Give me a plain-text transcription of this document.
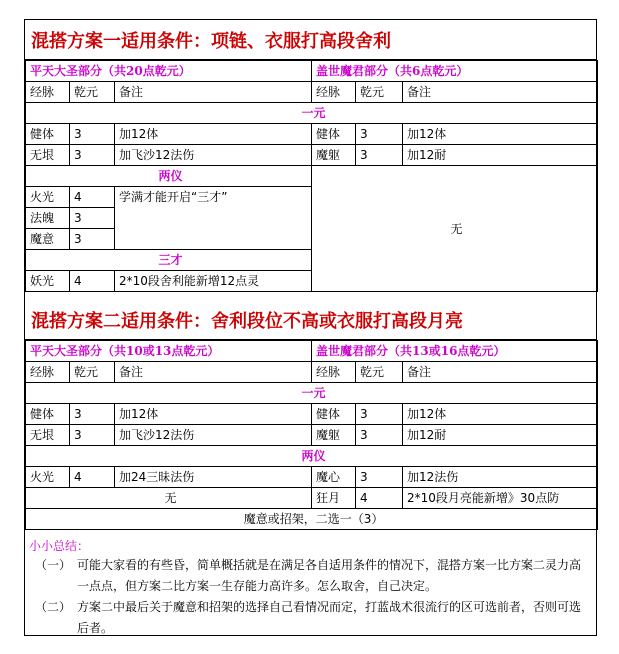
混搭方案一适用条件：项链、衣服打高段舍利
平天大圣部分（共20点乾元）			盖世魔君部分（共6点乾元）		
经脉	乾元	备注	经脉	乾元	备注
一元					
健体	3	加12体	健体	3	加12体
无垠	3	加飞沙12法伤	魔躯	3	加12耐
两仪			无		
火光	4	学满才能开启“三才”			
法魄	3				
魔意	3				
三才					
妖光	4	2*10段舍利能新增12点灵			
混搭方案二适用条件：舍利段位不高或衣服打高段月亮
平天大圣部分（共10或13点乾元）			盖世魔君部分（共13或16点乾元）		
经脉	乾元	备注	经脉	乾元	备注
一元					
健体	3	加12体	健体	3	加12体
无垠	3	加飞沙12法伤	魔躯	3	加12耐
两仪					
火光	4	加24三昧法伤	魔心	3	加12法伤
无			狂月	4	2*10段月亮能新增》30点防
魔意或招架，二选一（3）					
小小总结：
（一） 可能大家看的有些昏，简单概括就是在满足各自适用条件的情况下，混搭方案一比方案二灵力高一点点，但方案二比方案一生存能力高许多。怎么取舍，自己决定。
（二） 方案二中最后关于魔意和招架的选择自己看情况而定，打蓝战术很流行的区可选前者，否则可选后者。
